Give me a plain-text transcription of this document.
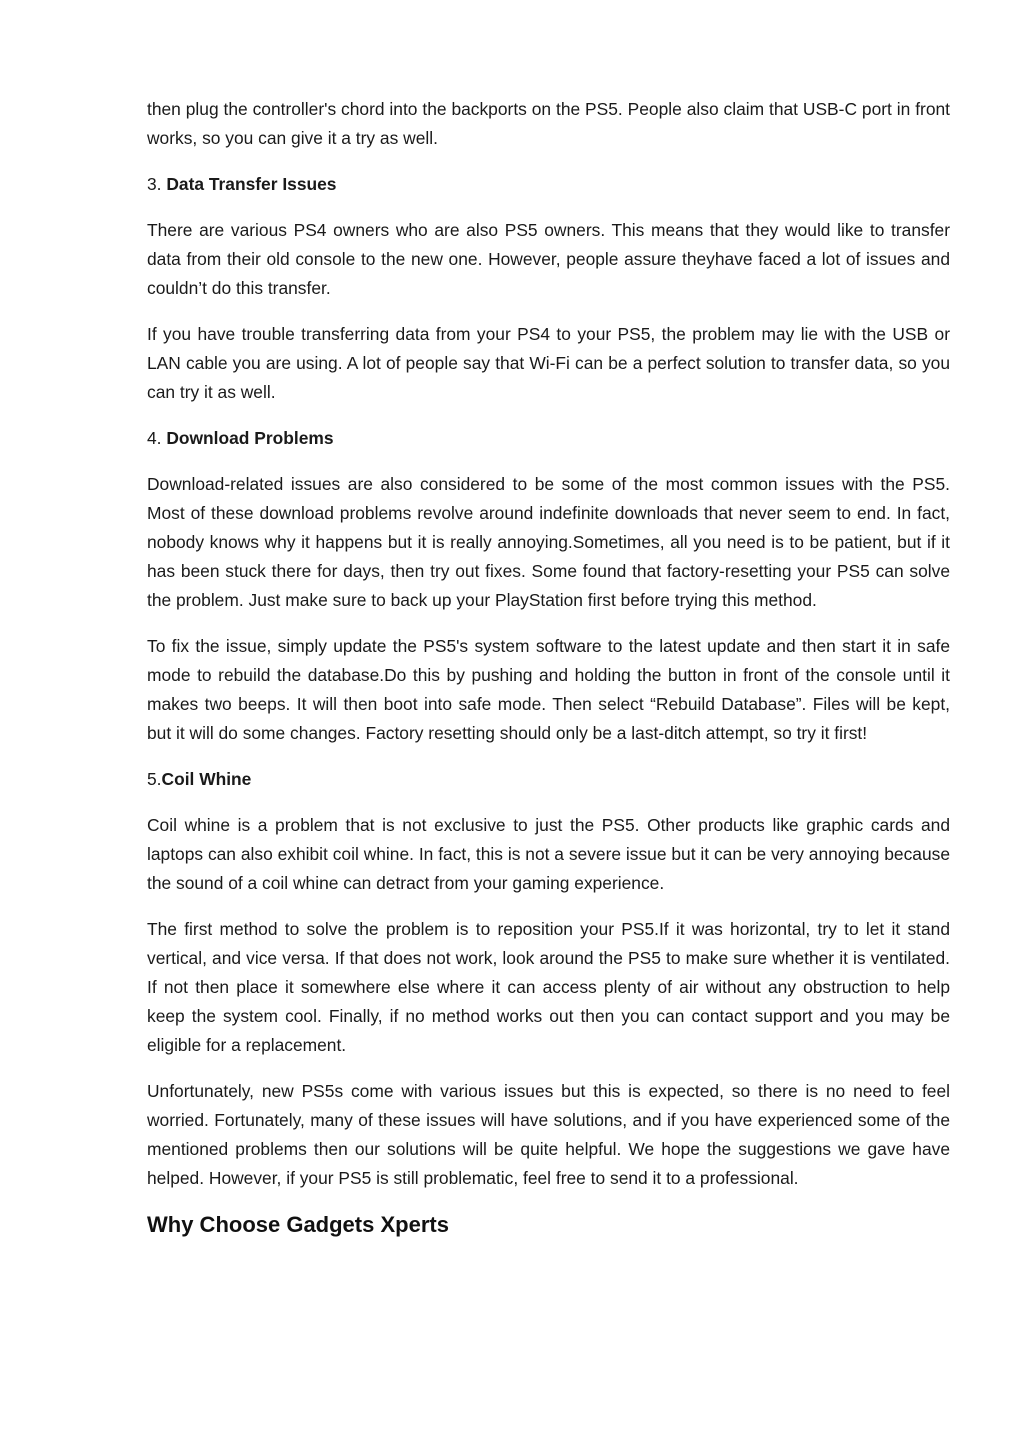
then plug the controller's chord into the backports on the PS5. People also claim that USB-C port in front works, so you can give it a try as well.

3. Data Transfer Issues

There are various PS4 owners who are also PS5 owners. This means that they would like to transfer data from their old console to the new one. However, people assure theyhave faced a lot of issues and couldn’t do this transfer.

If you have trouble transferring data from your PS4 to your PS5, the problem may lie with the USB or LAN cable you are using. A lot of people say that Wi-Fi can be a perfect solution to transfer data, so you can try it as well.

4. Download Problems

Download-related issues are also considered to be some of the most common issues with the PS5. Most of these download problems revolve around indefinite downloads that never seem to end. In fact, nobody knows why it happens but it is really annoying.Sometimes, all you need is to be patient, but if it has been stuck there for days, then try out fixes. Some found that factory-resetting your PS5 can solve the problem. Just make sure to back up your PlayStation first before trying this method.

To fix the issue, simply update the PS5's system software to the latest update and then start it in safe mode to rebuild the database.Do this by pushing and holding the button in front of the console until it makes two beeps. It will then boot into safe mode. Then select “Rebuild Database”. Files will be kept, but it will do some changes. Factory resetting should only be a last-ditch attempt, so try it first!

5.Coil Whine

Coil whine is a problem that is not exclusive to just the PS5. Other products like graphic cards and laptops can also exhibit coil whine. In fact, this is not a severe issue but it can be very annoying because the sound of a coil whine can detract from your gaming experience.

The first method to solve the problem is to reposition your PS5.If it was horizontal, try to let it stand vertical, and vice versa. If that does not work, look around the PS5 to make sure whether it is ventilated. If not then place it somewhere else where it can access plenty of air without any obstruction to help keep the system cool. Finally, if no method works out then you can contact support and you may be eligible for a replacement.

Unfortunately, new PS5s come with various issues but this is expected, so there is no need to feel worried. Fortunately, many of these issues will have solutions, and if you have experienced some of the mentioned problems then our solutions will be quite helpful. We hope the suggestions we gave have helped. However, if your PS5 is still problematic, feel free to send it to a professional.

Why Choose Gadgets Xperts
